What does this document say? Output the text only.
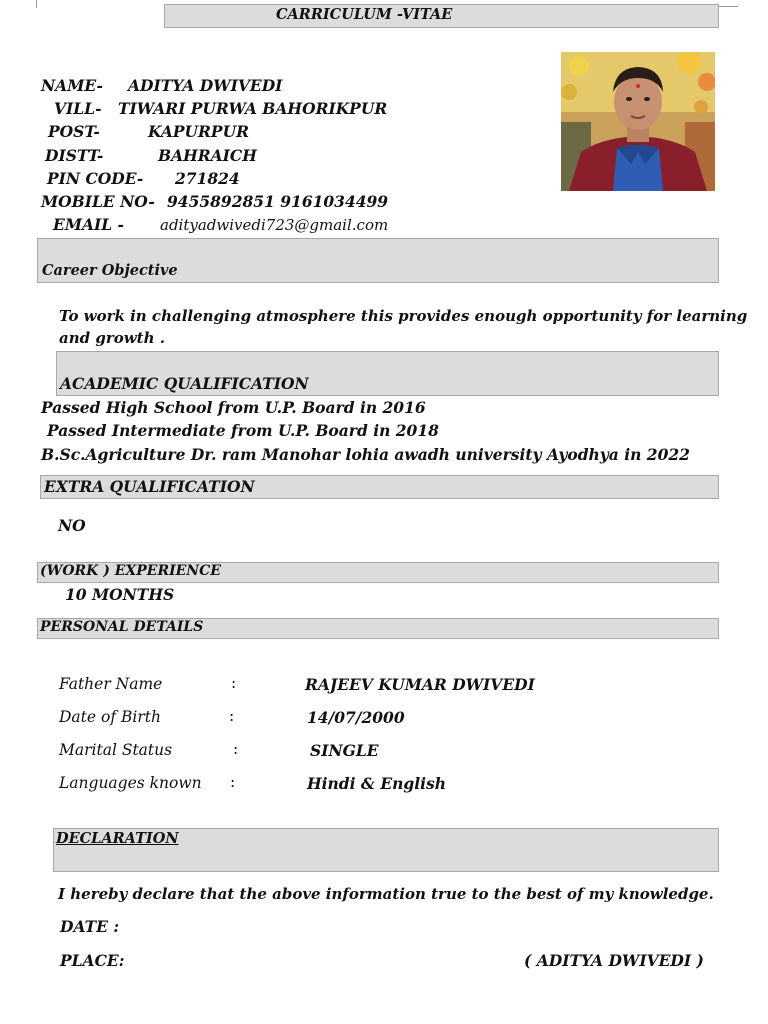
CARRICULUM -VITAE
NAME- ADITYA DWIVEDI
VILL- TIWARI PURWA BAHORIKPUR
POST-	KAPURPUR
DISTT-	BAHRAICH
PIN CODE- 271824
MOBILE NO- 9455892851 9161034499
EMAIL - adityadwivedi723@gmail.com
Career Objective
To work in challenging atmosphere this provides enough opportunity for learning
and growth .
ACADEMIC QUALIFICATION
Passed High School from U.P. Board in 2016
Passed Intermediate from U.P. Board in 2018
B.Sc.Agriculture Dr. ram Manohar lohia awadh university Ayodhya in 2022
EXTRA QUALIFICATION
NO
(WORK ) EXPERIENCE
10 MONTHS
PERSONAL DETAILS
Father Name	:	RAJEEV KUMAR DWIVEDI
Date of Birth	:	14/07/2000
Marital Status	:	SINGLE
Languages known :	Hindi & English
DECLARATION
I hereby declare that the above information true to the best of my knowledge.
DATE :
PLACE:	( ADITYA DWIVEDI )
